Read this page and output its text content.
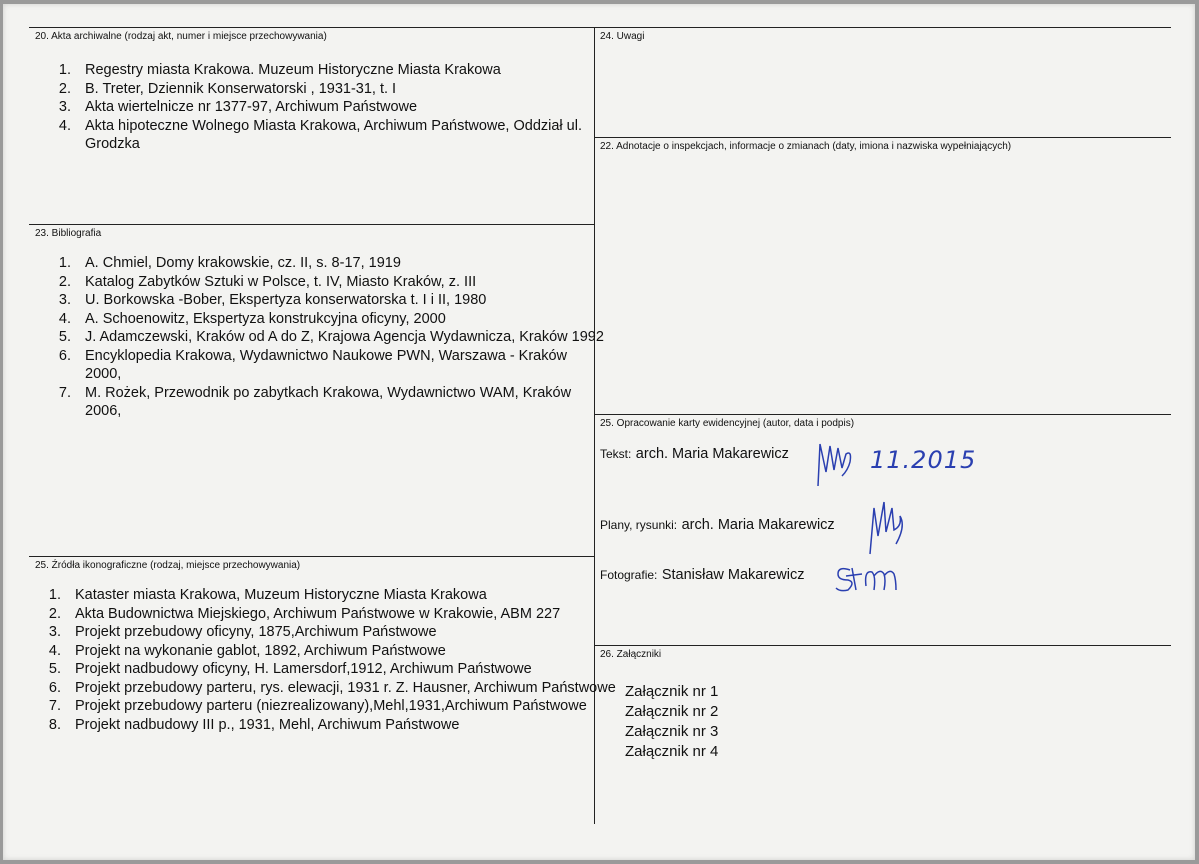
20. Akta archiwalne (rodzaj akt, numer i miejsce przechowywania)
1. Regestry miasta Krakowa. Muzeum Historyczne Miasta Krakowa
2. B. Treter, Dziennik Konserwatorski , 1931-31, t. I
3. Akta wiertelnicze nr 1377-97, Archiwum Państwowe
4. Akta hipoteczne Wolnego Miasta Krakowa, Archiwum Państwowe, Oddział ul. Grodzka
24. Uwagi
22. Adnotacje o inspekcjach, informacje o zmianach (daty, imiona i nazwiska wypełniających)
23. Bibliografia
1. A. Chmiel, Domy krakowskie, cz. II, s. 8-17, 1919
2. Katalog Zabytków Sztuki w Polsce, t. IV, Miasto Kraków, z. III
3. U. Borkowska -Bober, Ekspertyza konserwatorska t. I i II, 1980
4. A. Schoenowitz, Ekspertyza konstrukcyjna oficyny, 2000
5. J. Adamczewski, Kraków od A do Z, Krajowa Agencja Wydawnicza, Kraków 1992
6. Encyklopedia Krakowa, Wydawnictwo Naukowe PWN, Warszawa - Kraków 2000,
7. M. Rożek, Przewodnik po zabytkach Krakowa, Wydawnictwo WAM, Kraków 2006,
25. Opracowanie karty ewidencyjnej (autor, data i podpis)
Tekst: arch. Maria Makarewicz	11.2015
Plany, rysunki: arch. Maria Makarewicz
Fotografie: Stanisław Makarewicz
25. Źródła ikonograficzne (rodzaj, miejsce przechowywania)
1. Kataster miasta Krakowa, Muzeum Historyczne Miasta Krakowa
2. Akta Budownictwa Miejskiego, Archiwum Państwowe w Krakowie, ABM 227
3. Projekt przebudowy oficyny, 1875,Archiwum Państwowe
4. Projekt na wykonanie gablot, 1892, Archiwum Państwowe
5. Projekt nadbudowy oficyny, H. Lamersdorf,1912, Archiwum Państwowe
6. Projekt przebudowy parteru, rys. elewacji, 1931 r. Z. Hausner, Archiwum Państwowe
7. Projekt przebudowy parteru (niezrealizowany),Mehl,1931,Archiwum Państwowe
8. Projekt nadbudowy III p., 1931, Mehl, Archiwum Państwowe
26. Załączniki
Załącznik nr 1
Załącznik nr 2
Załącznik nr 3
Załącznik nr 4
